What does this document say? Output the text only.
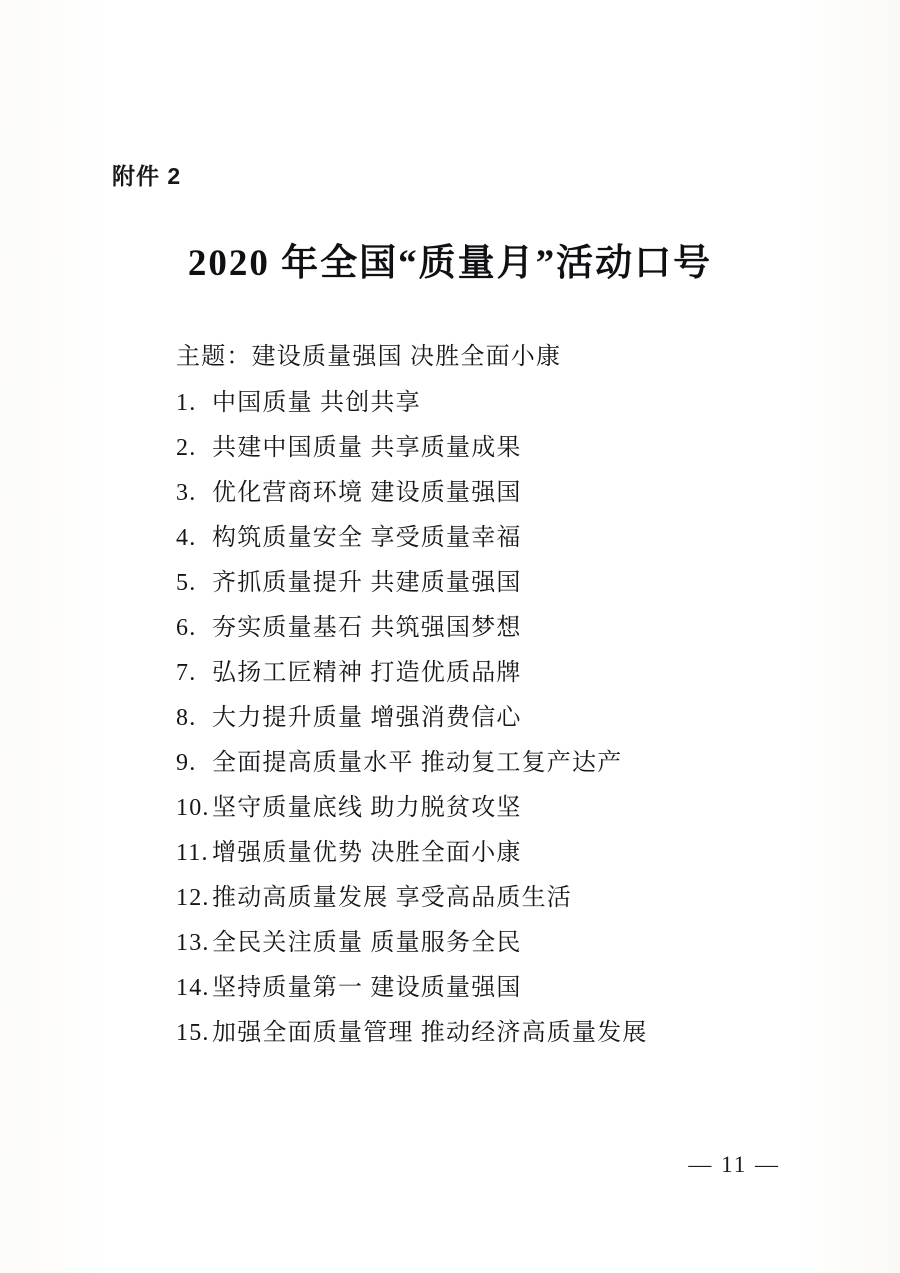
附件 2
2020 年全国“质量月”活动口号
主题：建设质量强国 决胜全面小康
1. 中国质量 共创共享
2. 共建中国质量 共享质量成果
3. 优化营商环境 建设质量强国
4. 构筑质量安全 享受质量幸福
5. 齐抓质量提升 共建质量强国
6. 夯实质量基石 共筑强国梦想
7. 弘扬工匠精神 打造优质品牌
8. 大力提升质量 增强消费信心
9. 全面提高质量水平 推动复工复产达产
10. 坚守质量底线 助力脱贫攻坚
11. 增强质量优势 决胜全面小康
12. 推动高质量发展 享受高品质生活
13. 全民关注质量 质量服务全民
14. 坚持质量第一 建设质量强国
15. 加强全面质量管理 推动经济高质量发展
— 11 —
